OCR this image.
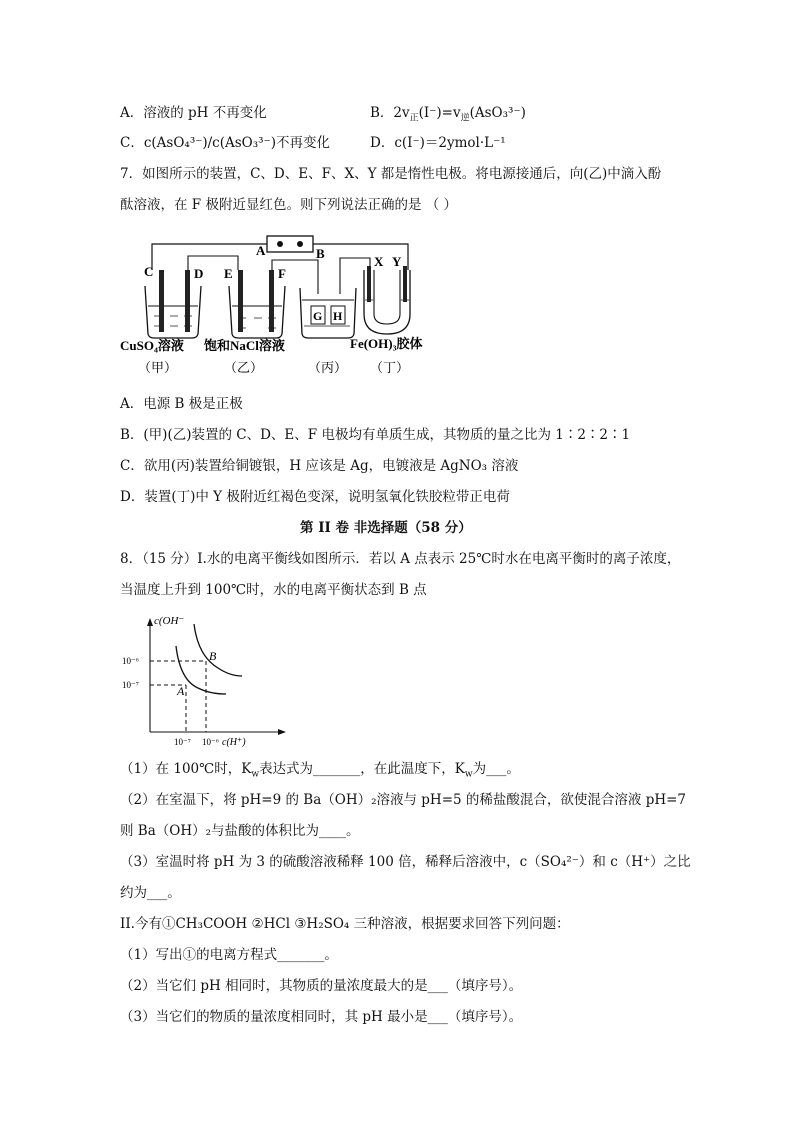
A．溶液的 pH 不再变化	B．$2v_正(I^-)=v_逆(AsO_3^{3-})$
C．c(AsO₄³⁻)/c(AsO₃³⁻)不再变化	D．c(I⁻)＝2ymol·L⁻¹
7．如图所示的装置，C、D、E、F、X、Y 都是惰性电极。将电源接通后，向(乙)中滴入酚
酞溶液，在 F 极附近显红色。则下列说法正确的是 （ ）
A	B
C	D E	F
G H
X Y
CuSO₄溶液 饱和NaCl溶液	Fe(OH)₃胶体
（甲）	（乙）	（丙） （丁）
A．电源 B 极是正极
B．(甲)(乙)装置的 C、D、E、F 电极均有单质生成，其物质的量之比为 1∶2∶2∶1
C．欲用(丙)装置给铜镀银，H 应该是 Ag，电镀液是 AgNO₃ 溶液
D．装置(丁)中 Y 极附近红褐色变深，说明氢氧化铁胶粒带正电荷
第 II 卷 非选择题（58 分）
8．（15 分）I.水的电离平衡线如图所示．若以 A 点表示 25℃时水在电离平衡时的离子浓度，
当温度上升到 100℃时，水的电离平衡状态到 B 点
c(OH⁻
c(H⁺)
10⁻⁶
10⁻⁷
10⁻⁷ 10⁻⁶
A
B
（1）在 100℃时，$K_w$表达式为_______，在此温度下，$K_w$为___。
（2）在室温下，将 pH=9 的 Ba（OH）₂溶液与 pH=5 的稀盐酸混合，欲使混合溶液 pH=7
则 Ba（OH）₂与盐酸的体积比为____。
（3）室温时将 pH 为 3 的硫酸溶液稀释 100 倍，稀释后溶液中，c（SO₄²⁻）和 c（H⁺）之比
约为___。
II.今有①CH₃COOH ②HCl ③H₂SO₄ 三种溶液，根据要求回答下列问题：
（1）写出①的电离方程式_______。
（2）当它们 pH 相同时，其物质的量浓度最大的是___（填序号）。
（3）当它们的物质的量浓度相同时，其 pH 最小是___（填序号）。
